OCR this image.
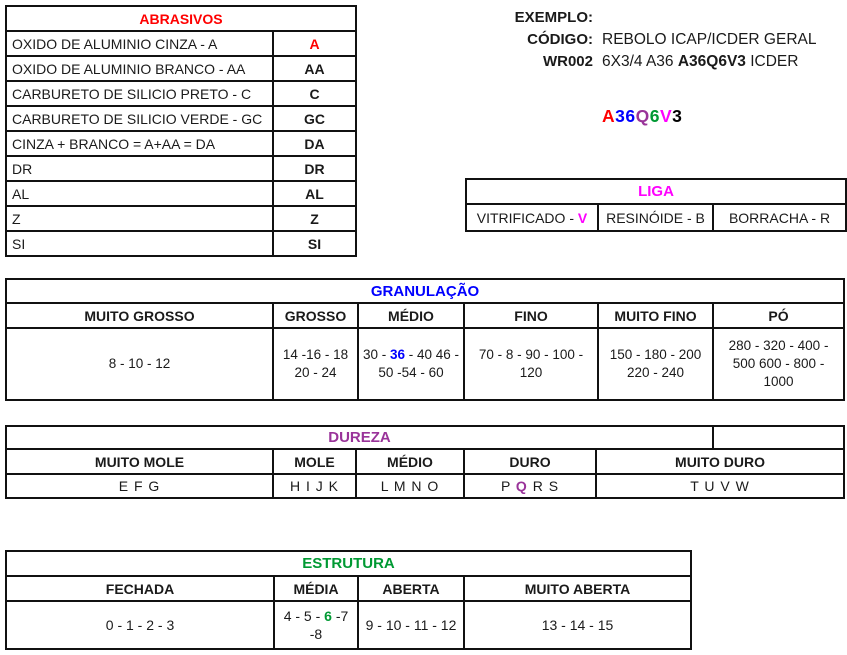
ABRASIVOS	
OXIDO DE ALUMINIO CINZA - A	A
OXIDO DE ALUMINIO BRANCO - AA	AA
CARBURETO DE SILICIO PRETO - C	C
CARBURETO DE SILICIO VERDE - GC	GC
CINZA + BRANCO = A+AA = DA	DA
DR	DR
AL	AL
Z	Z
SI	SI
EXEMPLO:
CÓDIGO: REBOLO ICAP/ICDER GERAL
WR002 6X3/4 A36 A36Q6V3 ICDER
A36Q6V3
LIGA
VITRIFICADO - V	RESINÓIDE - B	BORRACHA - R
GRANULAÇÃO					
MUITO GROSSO	GROSSO	MÉDIO	FINO	MUITO FINO	PÓ
8 - 10 - 12	14 -16 - 18 20 - 24	30 - 36 - 40 46 - 50 -54 - 60	70 - 8 - 90 - 100 - 120	150 - 180 - 200 220 - 240	280 - 320 - 400 - 500 600 - 800 - 1000
DUREZA					
MUITO MOLE	MOLE	MÉDIO	DURO	MUITO DURO	
E F G	H I J K	L M N O	P Q R S	T U V W	
ESTRUTURA			
FECHADA	MÉDIA	ABERTA	MUITO ABERTA
0 - 1 - 2 - 3	4 - 5 - 6 -7 -8	9 - 10 - 11 - 12	13 - 14 - 15
